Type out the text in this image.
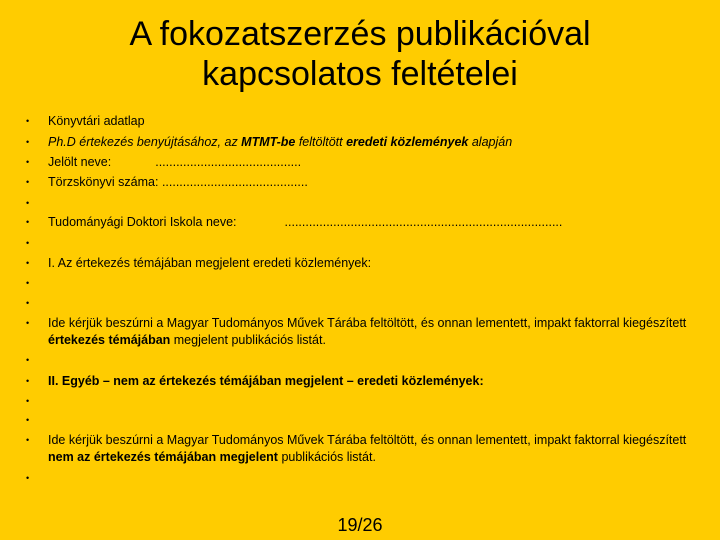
A fokozatszerzés publikációval
kapcsolatos feltételei
•	Könyvtári adatlap
•	Ph.D értekezés benyújtásához, az MTMT-be feltöltött eredeti közlemények alapján
•	Jelölt neve:	..........................................
•	Törzskönyvi száma: ..........................................
•
•	Tudományági Doktori Iskola neve:	................................................................................
•
•	I. Az értekezés témájában megjelent eredeti közlemények:
•
•
•	Ide kérjük beszúrni a Magyar Tudományos Művek Tárába feltöltött, és onnan lementett, impakt faktorral kiegészített értekezés témájában megjelent publikációs listát.
•
•	II. Egyéb – nem az értekezés témájában megjelent – eredeti közlemények:
•
•
•	Ide kérjük beszúrni a Magyar Tudományos Művek Tárába feltöltött, és onnan lementett, impakt faktorral kiegészített nem az értekezés témájában megjelent publikációs listát.
•
19/26
